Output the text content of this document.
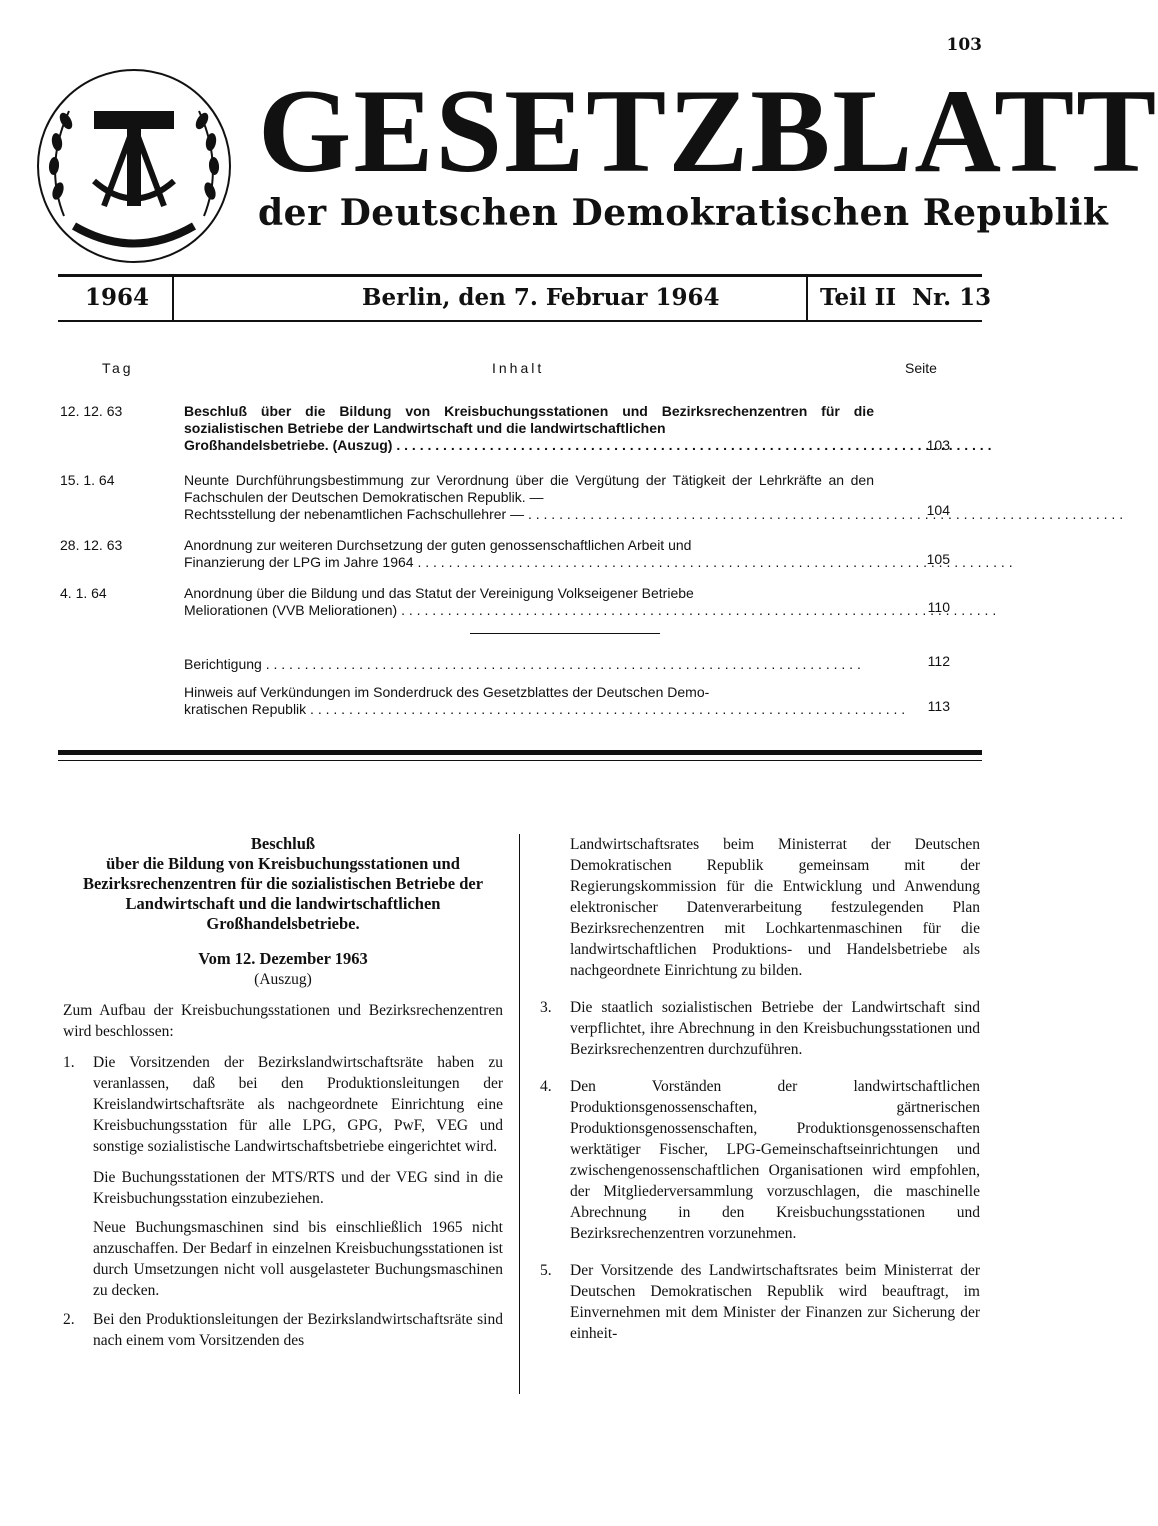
103
GESETZBLATT
der Deutschen Demokratischen Republik
1964	Berlin, den 7. Februar 1964	Teil II  Nr. 13
Tag	Inhalt	Seite
12. 12. 63	Beschluß über die Bildung von Kreisbuchungsstationen und Bezirksrechenzentren für die sozialistischen Betriebe der Landwirtschaft und die landwirtschaftlichen
Großhandelsbetriebe. (Auszug) . . .	103
15. 1. 64	Neunte Durchführungsbestimmung zur Verordnung über die Vergütung der Tätigkeit der Lehrkräfte an den Fachschulen der Deutschen Demokratischen Republik. —
Rechtsstellung der nebenamtlichen Fachschullehrer — . . .	104
28. 12. 63	Anordnung zur weiteren Durchsetzung der guten genossenschaftlichen Arbeit und
Finanzierung der LPG im Jahre 1964 . . .	105
4. 1. 64	Anordnung über die Bildung und das Statut der Vereinigung Volkseigener Betriebe
Meliorationen (VVB Meliorationen) . . .	110
Berichtigung . . .	112
Hinweis auf Verkündungen im Sonderdruck des Gesetzblattes der Deutschen Demo-
kratischen Republik . . .	113
Beschluß
über die Bildung von Kreisbuchungsstationen und Bezirksrechenzentren für die sozialistischen Betriebe der Landwirtschaft und die landwirtschaftlichen Großhandelsbetriebe.
Vom 12. Dezember 1963
(Auszug)

Zum Aufbau der Kreisbuchungsstationen und Bezirksrechenzentren wird beschlossen:

1.	Die Vorsitzenden der Bezirkslandwirtschaftsräte haben zu veranlassen, daß bei den Produktionsleitungen der Kreislandwirtschaftsräte als nachgeordnete Einrichtung eine Kreisbuchungsstation für alle LPG, GPG, PwF, VEG und sonstige sozialistische Landwirtschaftsbetriebe eingerichtet wird.

Die Buchungsstationen der MTS/RTS und der VEG sind in die Kreisbuchungsstation einzubeziehen.

Neue Buchungsmaschinen sind bis einschließlich 1965 nicht anzuschaffen. Der Bedarf in einzelnen Kreisbuchungsstationen ist durch Umsetzungen nicht voll ausgelasteter Buchungsmaschinen zu decken.

2.	Bei den Produktionsleitungen der Bezirkslandwirtschaftsräte sind nach einem vom Vorsitzenden des

Landwirtschaftsrates beim Ministerrat der Deutschen Demokratischen Republik gemeinsam mit der Regierungskommission für die Entwicklung und Anwendung elektronischer Datenverarbeitung festzulegenden Plan Bezirksrechenzentren mit Lochkartenmaschinen für die landwirtschaftlichen Produktions- und Handelsbetriebe als nachgeordnete Einrichtung zu bilden.

3.	Die staatlich sozialistischen Betriebe der Landwirtschaft sind verpflichtet, ihre Abrechnung in den Kreisbuchungsstationen und Bezirksrechenzentren durchzuführen.
4.	Den Vorständen der landwirtschaftlichen Produktionsgenossenschaften, gärtnerischen Produktionsgenossenschaften, Produktionsgenossenschaften werktätiger Fischer, LPG-Gemeinschaftseinrichtungen und zwischengenossenschaftlichen Organisationen wird empfohlen, der Mitgliederversammlung vorzuschlagen, die maschinelle Abrechnung in den Kreisbuchungsstationen und Bezirksrechenzentren vorzunehmen.
5.	Der Vorsitzende des Landwirtschaftsrates beim Ministerrat der Deutschen Demokratischen Republik wird beauftragt, im Einvernehmen mit dem Minister der Finanzen zur Sicherung der einheit-
